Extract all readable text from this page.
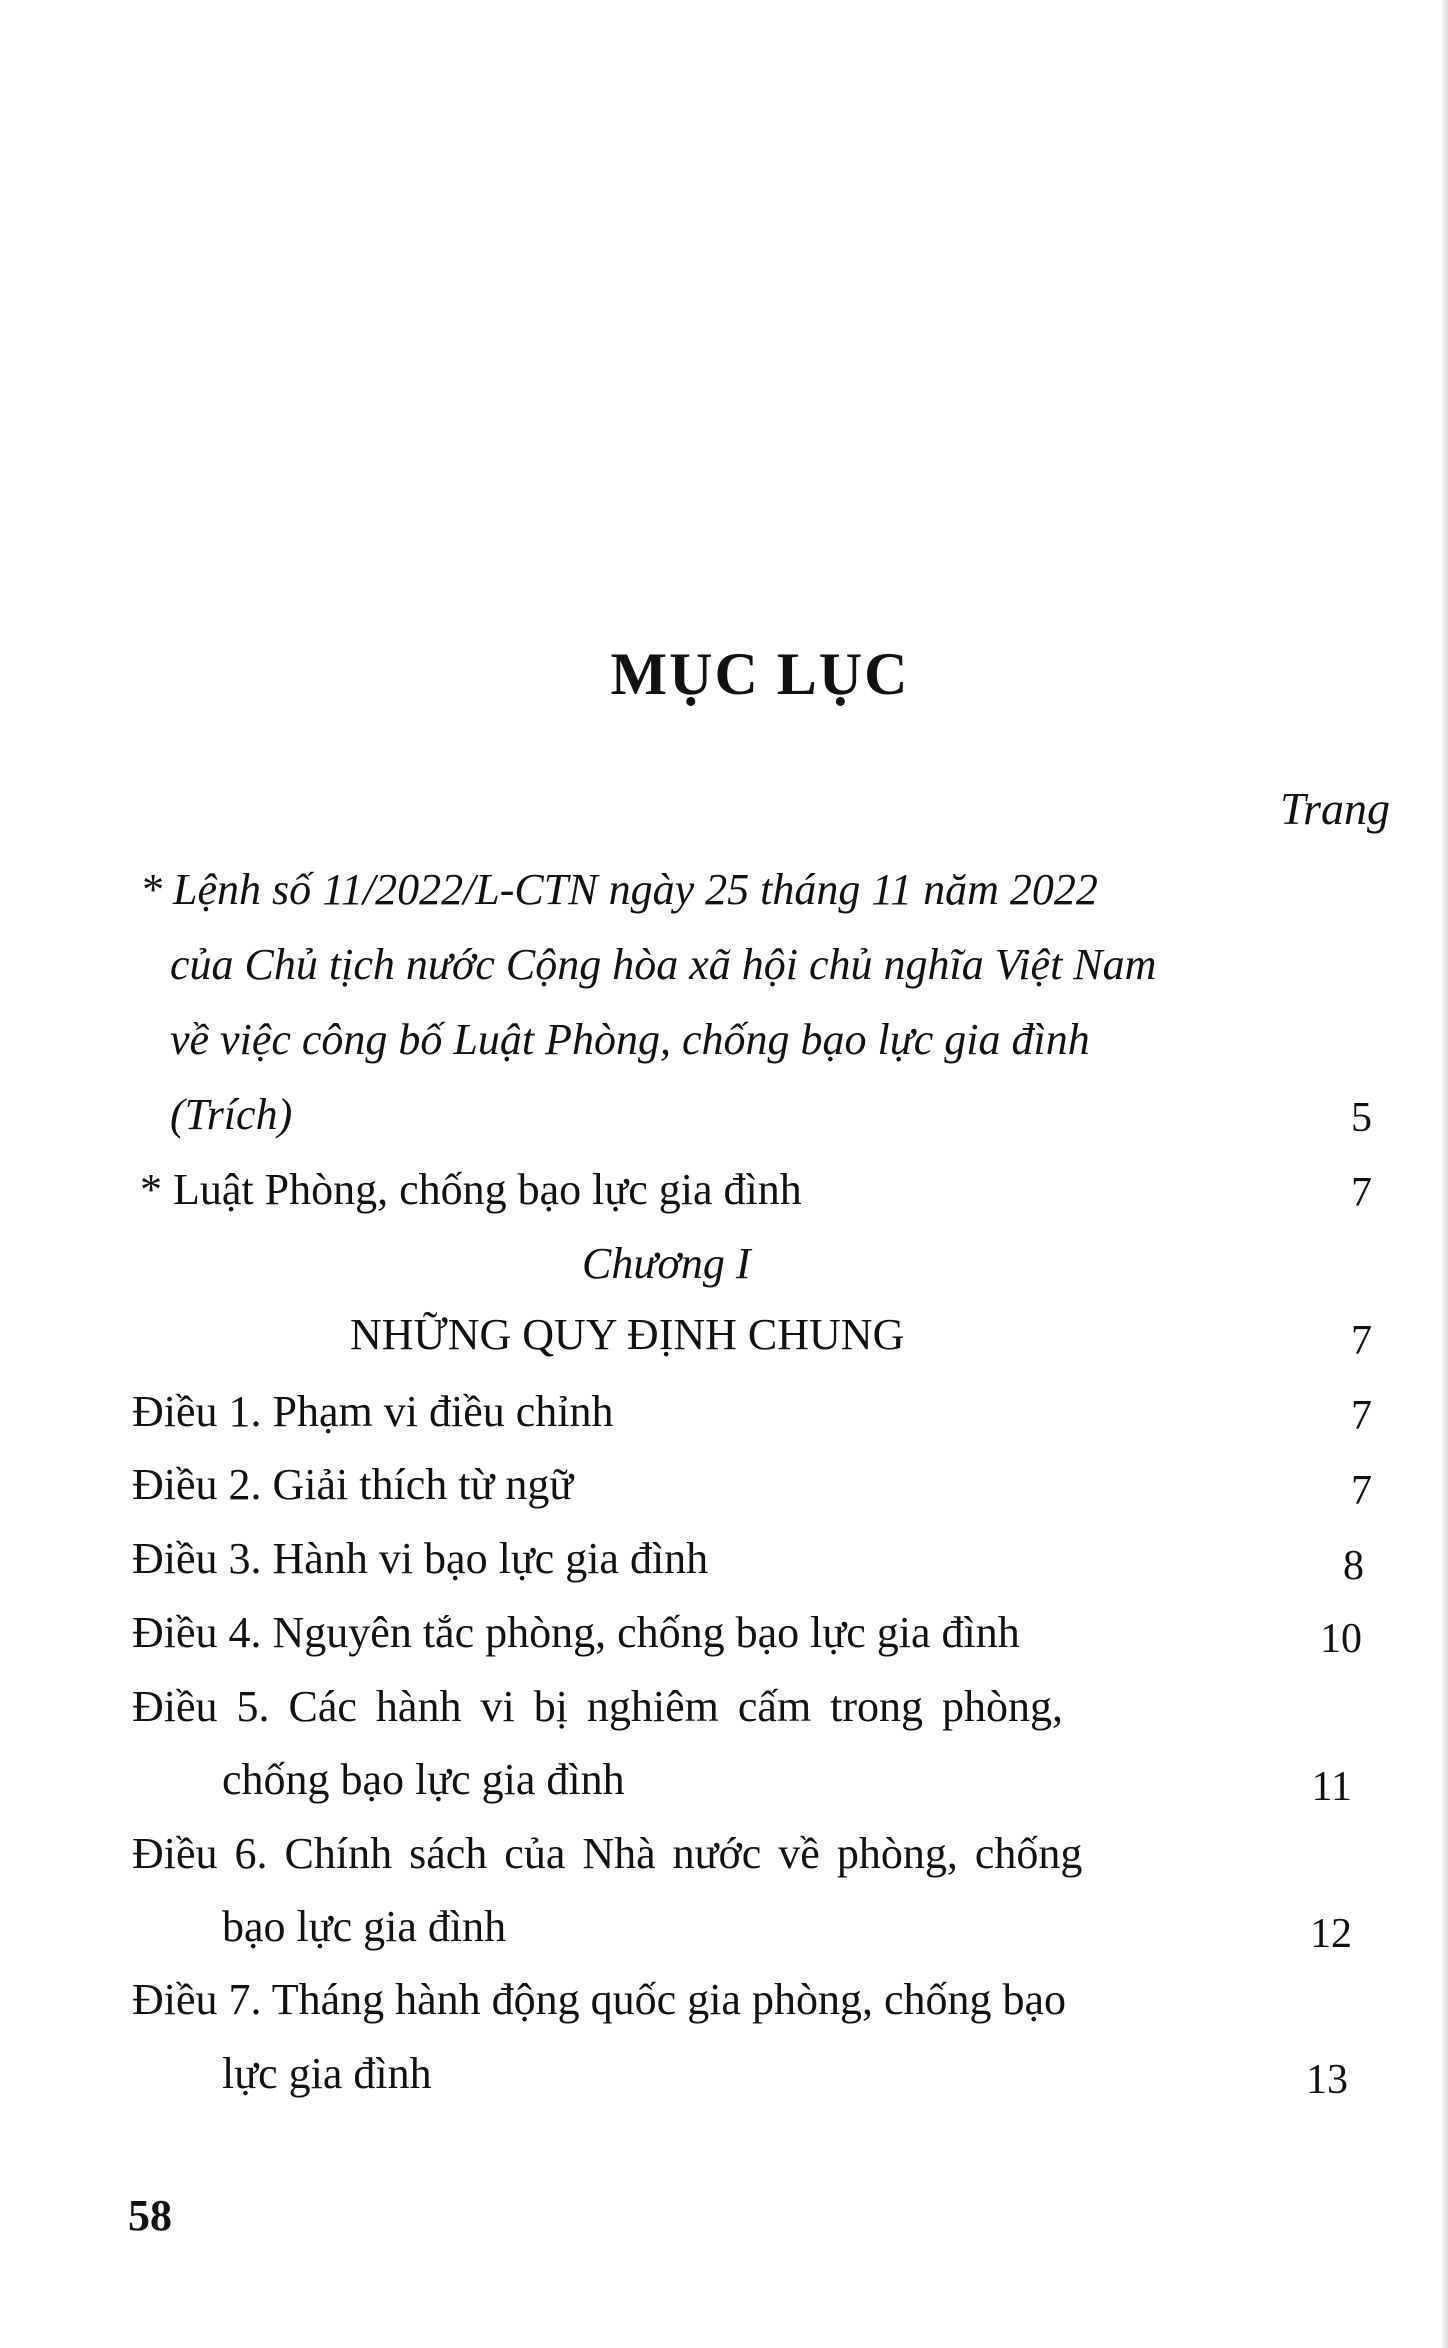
MỤC LỤC
Trang
* Lệnh số 11/2022/L-CTN ngày 25 tháng 11 năm 2022
của Chủ tịch nước Cộng hòa xã hội chủ nghĩa Việt Nam
về việc công bố Luật Phòng, chống bạo lực gia đình
(Trích)	5
* Luật Phòng, chống bạo lực gia đình	7
Chương I
NHỮNG QUY ĐỊNH CHUNG	7
Điều 1. Phạm vi điều chỉnh	7
Điều 2. Giải thích từ ngữ	7
Điều 3. Hành vi bạo lực gia đình	8
Điều 4. Nguyên tắc phòng, chống bạo lực gia đình	10
Điều 5. Các hành vi bị nghiêm cấm trong phòng,
chống bạo lực gia đình	11
Điều 6. Chính sách của Nhà nước về phòng, chống
bạo lực gia đình	12
Điều 7. Tháng hành động quốc gia phòng, chống bạo
lực gia đình	13
58
